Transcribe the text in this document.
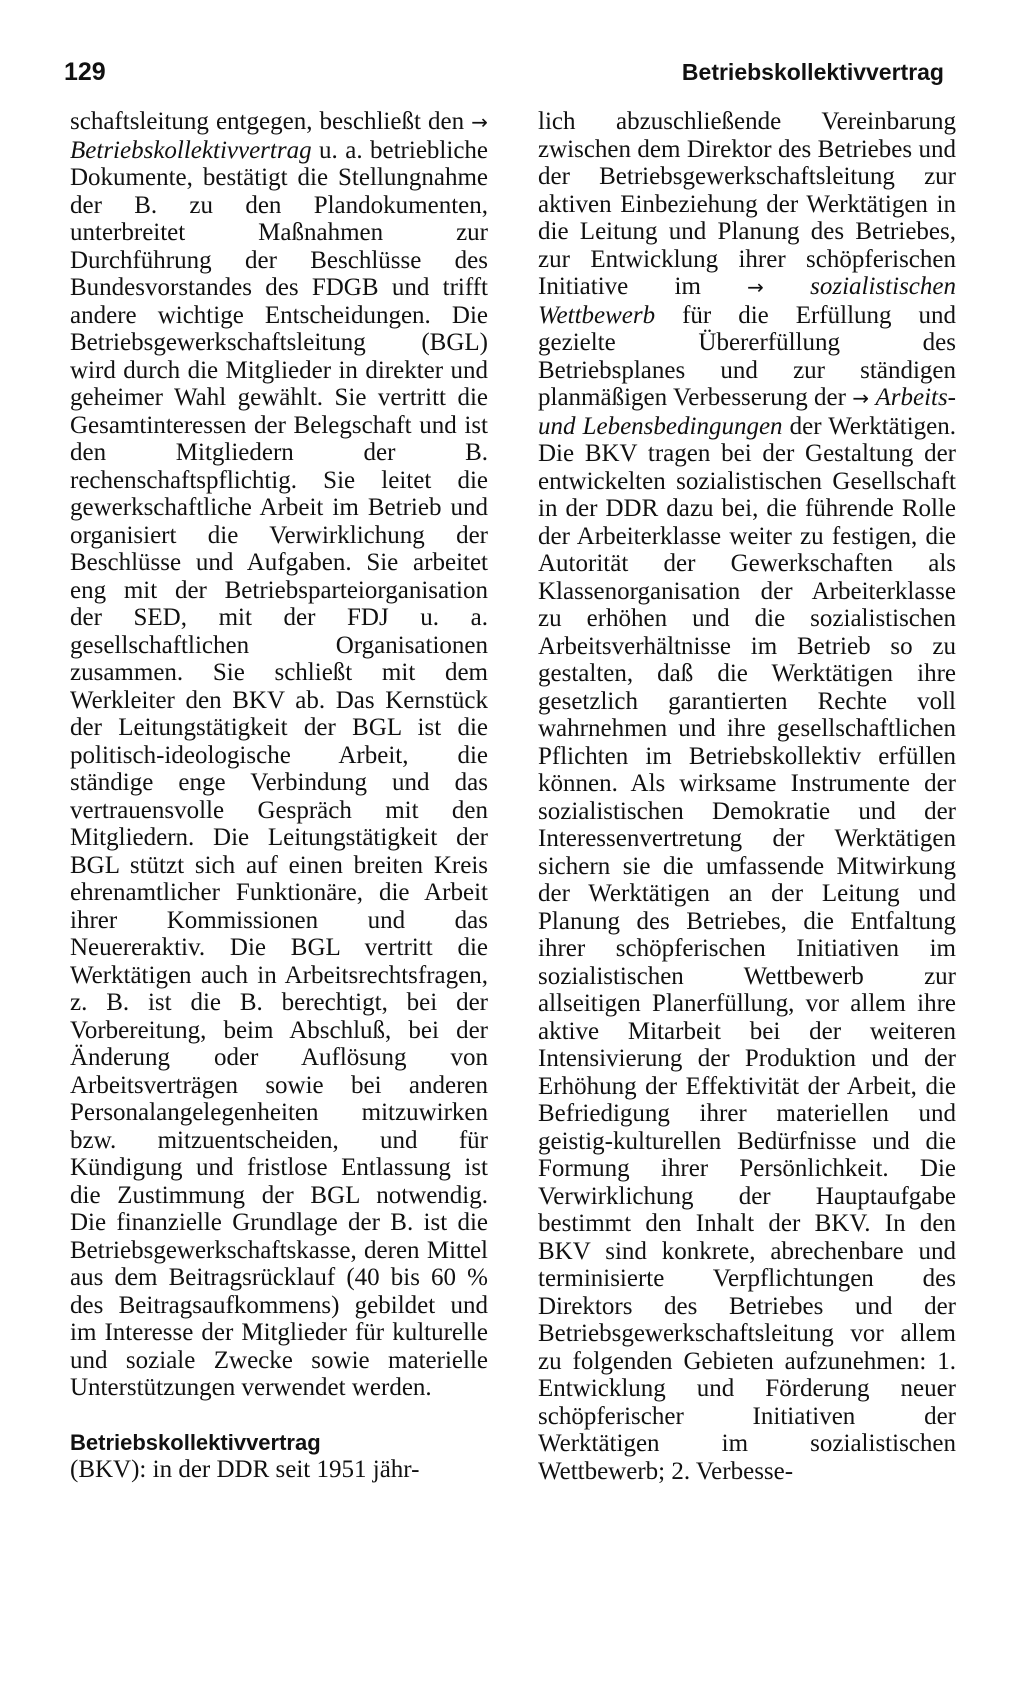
129	Betriebskollektivvertrag

schaftsleitung entgegen, beschließt den → Betriebskollektivvertrag u. a. betriebliche Dokumente, bestätigt die Stellungnahme der B. zu den Plandokumenten, unterbreitet Maßnahmen zur Durchführung der Beschlüsse des Bundesvorstandes des FDGB und trifft andere wichtige Entscheidungen. Die Betriebsgewerkschaftsleitung (BGL) wird durch die Mitglieder in direkter und geheimer Wahl gewählt. Sie vertritt die Gesamtinteressen der Belegschaft und ist den Mitgliedern der B. rechenschaftspflichtig. Sie leitet die gewerkschaftliche Arbeit im Betrieb und organisiert die Verwirklichung der Beschlüsse und Aufgaben. Sie arbeitet eng mit der Betriebsparteiorganisation der SED, mit der FDJ u. a. gesellschaftlichen Organisationen zusammen. Sie schließt mit dem Werkleiter den BKV ab. Das Kernstück der Leitungstätigkeit der BGL ist die politisch-ideologische Arbeit, die ständige enge Verbindung und das vertrauensvolle Gespräch mit den Mitgliedern. Die Leitungstätigkeit der BGL stützt sich auf einen breiten Kreis ehrenamtlicher Funktionäre, die Arbeit ihrer Kommissionen und das Neuereraktiv. Die BGL vertritt die Werktätigen auch in Arbeitsrechtsfragen, z. B. ist die B. berechtigt, bei der Vorbereitung, beim Abschluß, bei der Änderung oder Auflösung von Arbeitsverträgen sowie bei anderen Personalangelegenheiten mitzuwirken bzw. mitzuentscheiden, und für Kündigung und fristlose Entlassung ist die Zustimmung der BGL notwendig. Die finanzielle Grundlage der B. ist die Betriebsgewerkschaftskasse, deren Mittel aus dem Beitragsrücklauf (40 bis 60 % des Beitragsaufkommens) gebildet und im Interesse der Mitglieder für kulturelle und soziale Zwecke sowie materielle Unterstützungen verwendet werden.

Betriebskollektivvertrag
(BKV): in der DDR seit 1951 jähr-

lich abzuschließende Vereinbarung zwischen dem Direktor des Betriebes und der Betriebsgewerkschaftsleitung zur aktiven Einbeziehung der Werktätigen in die Leitung und Planung des Betriebes, zur Entwicklung ihrer schöpferischen Initiative im → sozialistischen Wettbewerb für die Erfüllung und gezielte Übererfüllung des Betriebsplanes und zur ständigen planmäßigen Verbesserung der → Arbeits- und Lebensbedingungen der Werktätigen. Die BKV tragen bei der Gestaltung der entwickelten sozialistischen Gesellschaft in der DDR dazu bei, die führende Rolle der Arbeiterklasse weiter zu festigen, die Autorität der Gewerkschaften als Klassenorganisation der Arbeiterklasse zu erhöhen und die sozialistischen Arbeitsverhältnisse im Betrieb so zu gestalten, daß die Werktätigen ihre gesetzlich garantierten Rechte voll wahrnehmen und ihre gesellschaftlichen Pflichten im Betriebskollektiv erfüllen können. Als wirksame Instrumente der sozialistischen Demokratie und der Interessenvertretung der Werktätigen sichern sie die umfassende Mitwirkung der Werktätigen an der Leitung und Planung des Betriebes, die Entfaltung ihrer schöpferischen Initiativen im sozialistischen Wettbewerb zur allseitigen Planerfüllung, vor allem ihre aktive Mitarbeit bei der weiteren Intensivierung der Produktion und der Erhöhung der Effektivität der Arbeit, die Befriedigung ihrer materiellen und geistig-kulturellen Bedürfnisse und die Formung ihrer Persönlichkeit. Die Verwirklichung der Hauptaufgabe bestimmt den Inhalt der BKV. In den BKV sind konkrete, abrechenbare und terminisierte Verpflichtungen des Direktors des Betriebes und der Betriebsgewerkschaftsleitung vor allem zu folgenden Gebieten aufzunehmen: 1. Entwicklung und Förderung neuer schöpferischer Initiativen der Werktätigen im sozialistischen Wettbewerb; 2. Verbesse-
